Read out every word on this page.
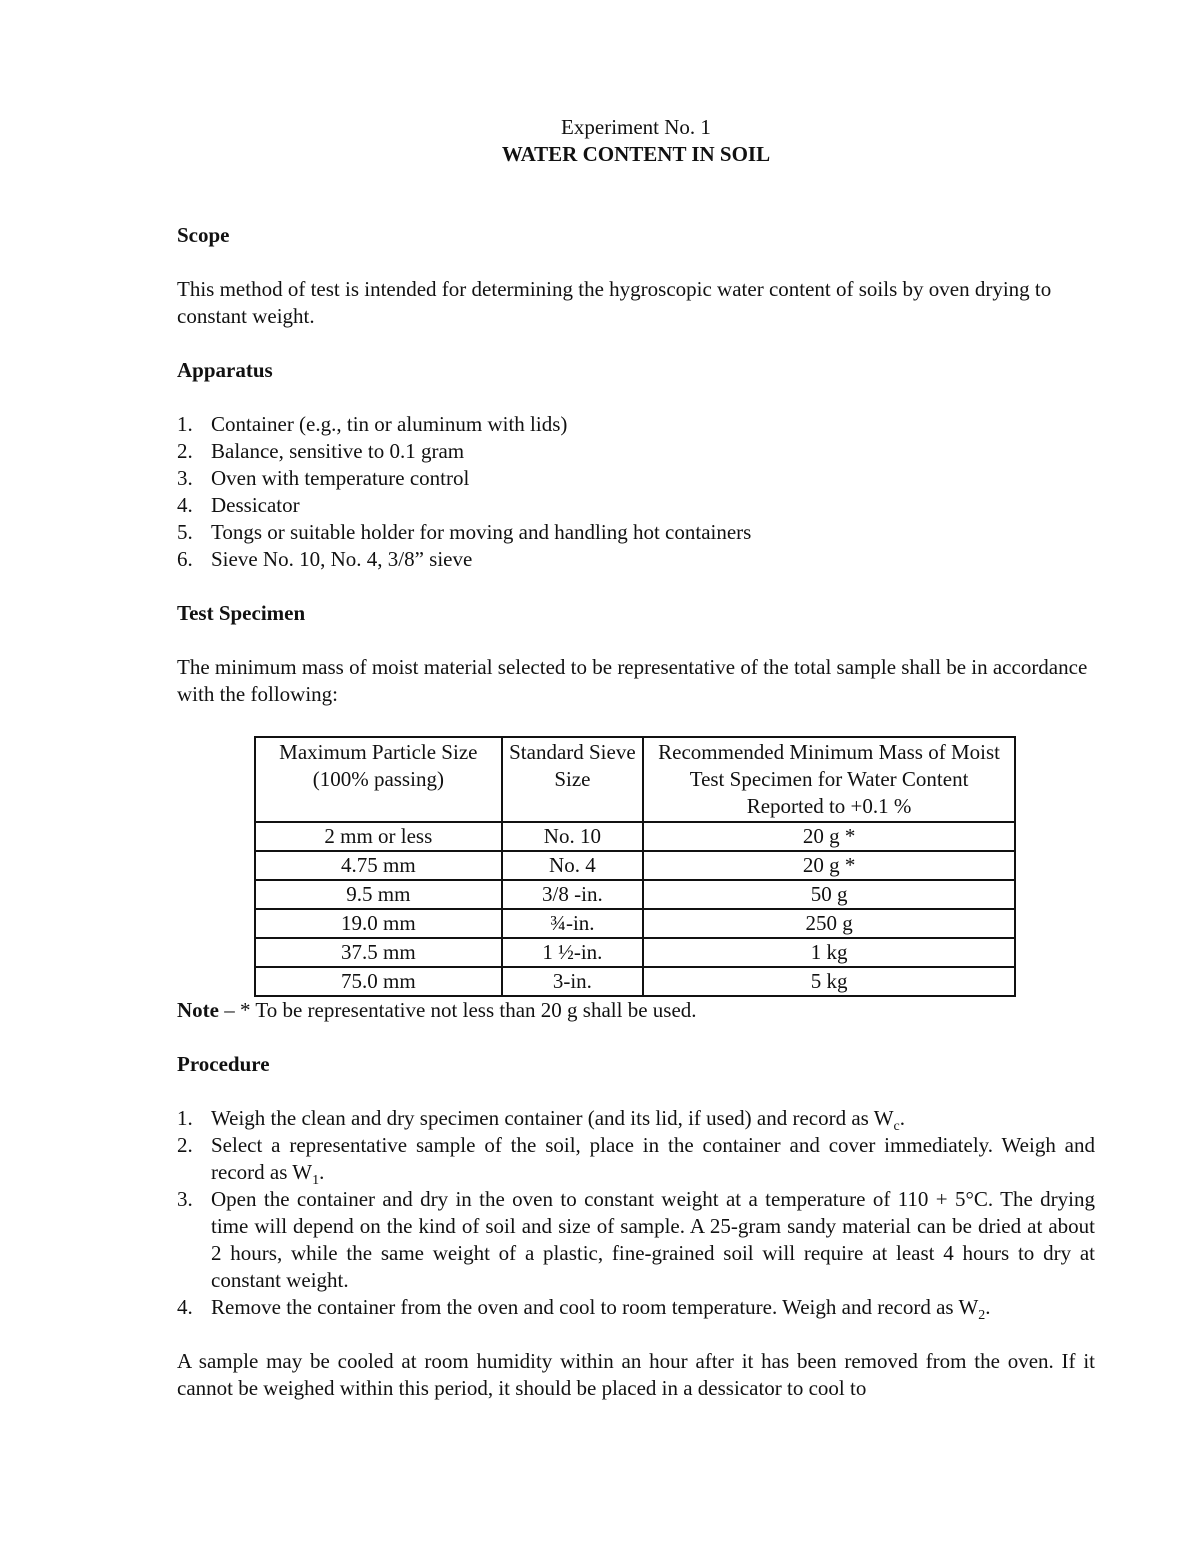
Experiment No. 1

WATER CONTENT IN SOIL

Scope

This method of test is intended for determining the hygroscopic water content of soils by oven drying to constant weight.

Apparatus
1. Container (e.g., tin or aluminum with lids)
2. Balance, sensitive to 0.1 gram
3. Oven with temperature control
4. Dessicator
5. Tongs or suitable holder for moving and handling hot containers
6. Sieve No. 10, No. 4, 3/8” sieve
Test Specimen

The minimum mass of moist material selected to be representative of the total sample shall be in accordance with the following:

Maximum Particle Size (100% passing)	Standard Sieve Size	Recommended Minimum Mass of Moist Test Specimen for Water Content Reported to +0.1 %
2 mm or less	No. 10	20 g *
4.75 mm	No. 4	20 g *
9.5 mm	3/8 -in.	50 g
19.0 mm	¾-in.	250 g
37.5 mm	1 ½-in.	1 kg
75.0 mm	3-in.	5 kg

Note – * To be representative not less than 20 g shall be used.

Procedure
1. Weigh the clean and dry specimen container (and its lid, if used) and record as $W_c$.
2. Select a representative sample of the soil, place in the container and cover immediately. Weigh and record as $W_1$.
3. Open the container and dry in the oven to constant weight at a temperature of 110 + 5°C. The drying time will depend on the kind of soil and size of sample. A 25-gram sandy material can be dried at about 2 hours, while the same weight of a plastic, fine-grained soil will require at least 4 hours to dry at constant weight.
4. Remove the container from the oven and cool to room temperature. Weigh and record as $W_2$.

A sample may be cooled at room humidity within an hour after it has been removed from the oven. If it cannot be weighed within this period, it should be placed in a dessicator to cool to
